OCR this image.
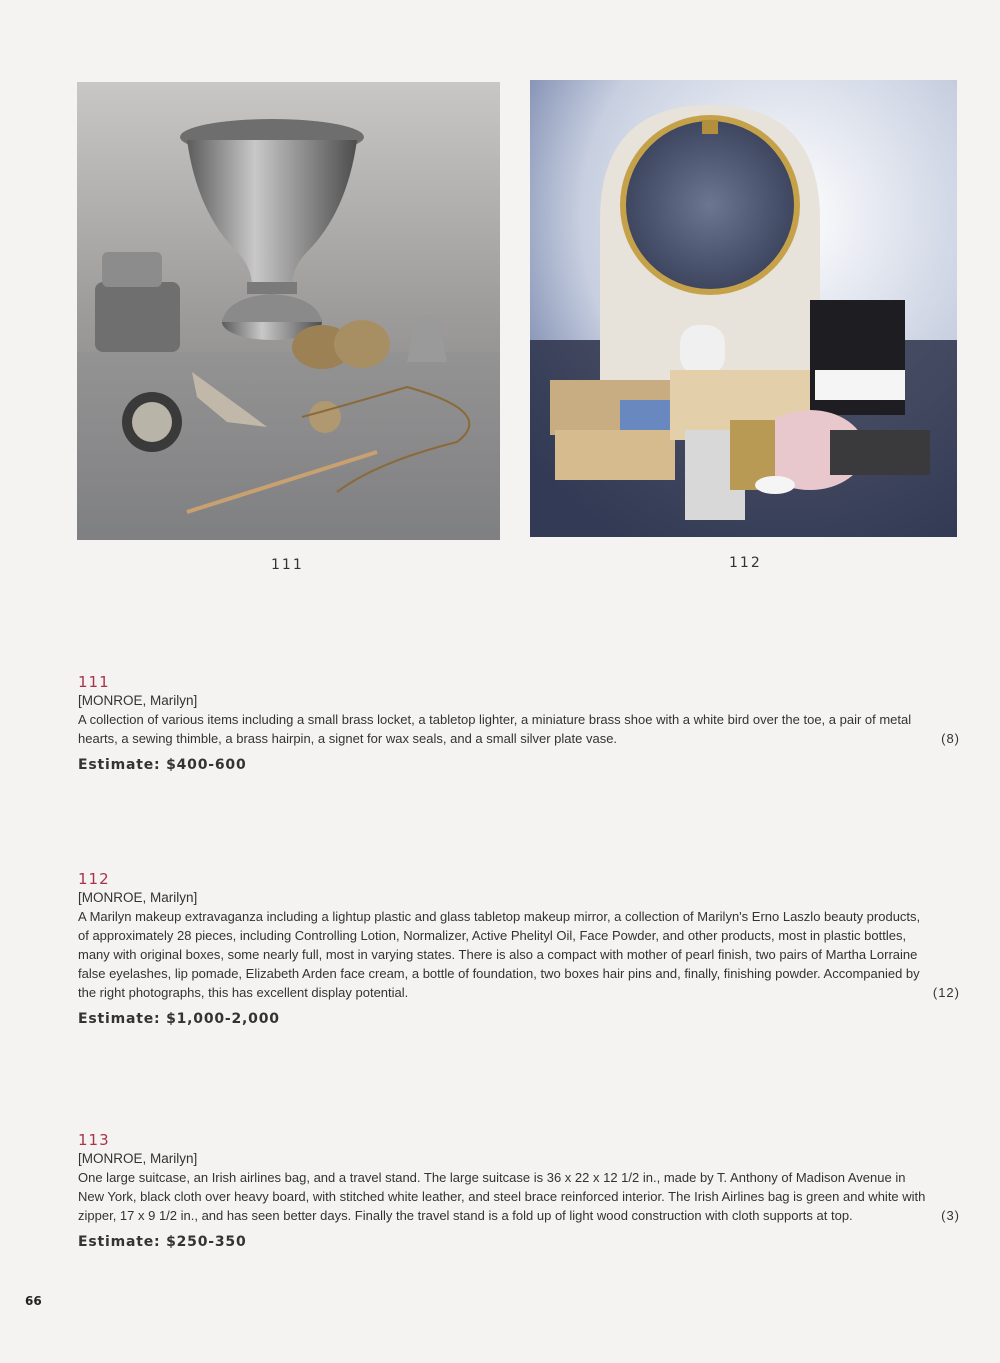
111	112
111
[MONROE, Marilyn]
A collection of various items including a small brass locket, a tabletop lighter, a miniature brass shoe with a white bird over the toe, a pair of metal hearts, a sewing thimble, a brass hairpin, a signet for wax seals, and a small silver plate vase.	(8)
Estimate: $400-600
112
[MONROE, Marilyn]
A Marilyn makeup extravaganza including a lightup plastic and glass tabletop makeup mirror, a collection of Marilyn's Erno Laszlo beauty products, of approximately 28 pieces, including Controlling Lotion, Normalizer, Active Phelityl Oil, Face Powder, and other products, most in plastic bottles, many with original boxes, some nearly full, most in varying states. There is also a compact with mother of pearl finish, two pairs of Martha Lorraine false eyelashes, lip pomade, Elizabeth Arden face cream, a bottle of foundation, two boxes hair pins and, finally, finishing powder. Accompanied by the right photographs, this has excellent display potential.	(12)
Estimate: $1,000-2,000
113
[MONROE, Marilyn]
One large suitcase, an Irish airlines bag, and a travel stand. The large suitcase is 36 x 22 x 12 1/2 in., made by T. Anthony of Madison Avenue in New York, black cloth over heavy board, with stitched white leather, and steel brace reinforced interior. The Irish Airlines bag is green and white with zipper, 17 x 9 1/2 in., and has seen better days. Finally the travel stand is a fold up of light wood construction with cloth supports at top.	(3)
Estimate: $250-350
66
